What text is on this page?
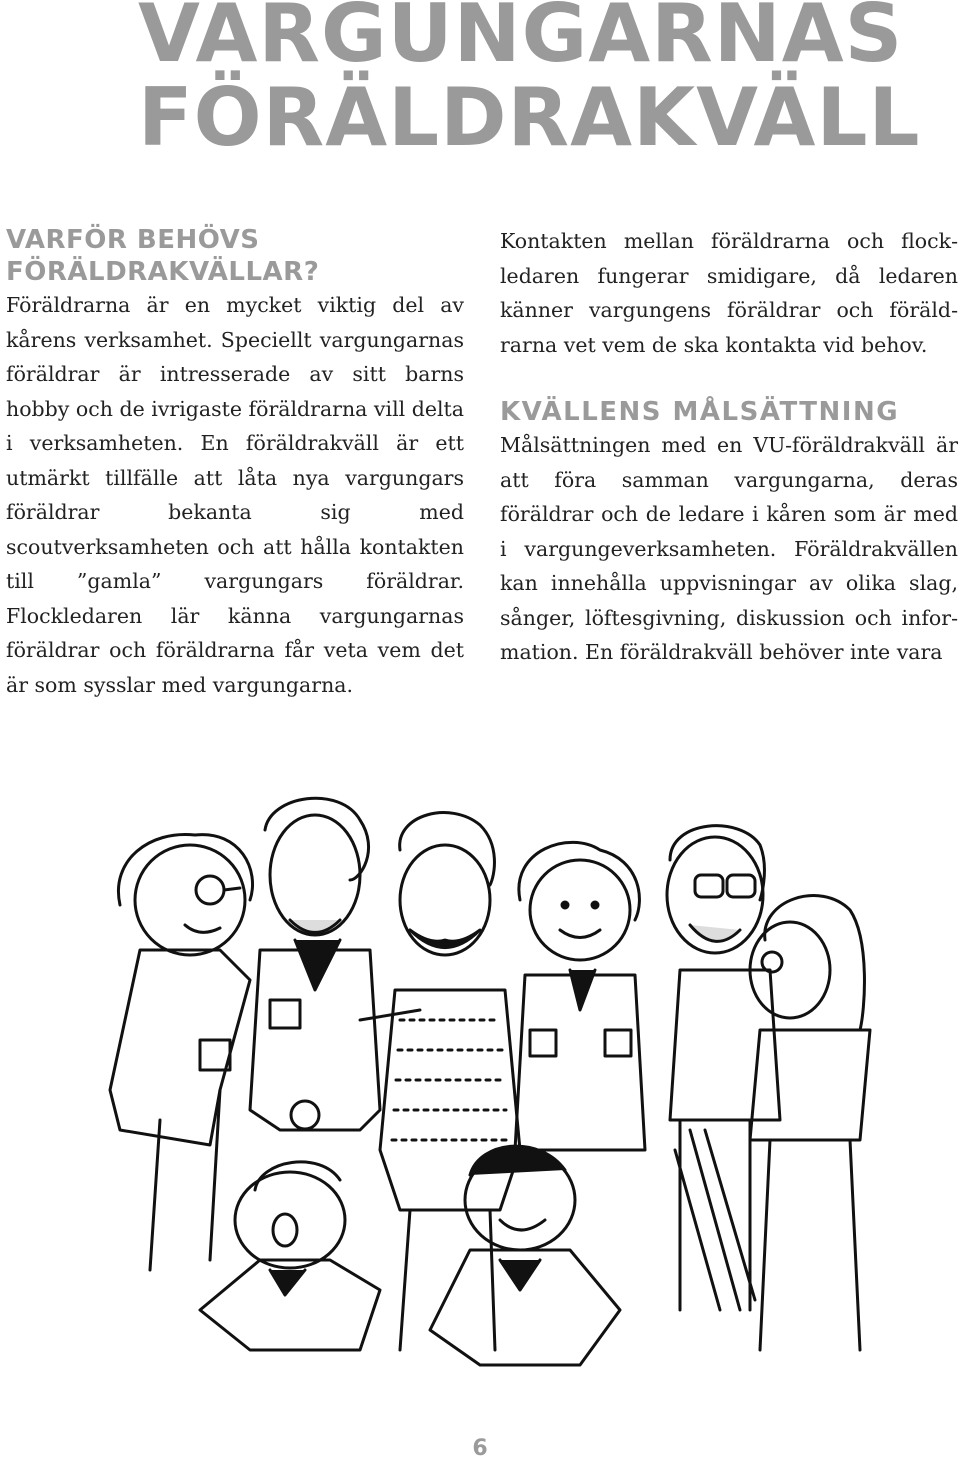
VARGUNGARNAS
FÖRÄLDRAKVÄLL
VARFÖR BEHÖVS
FÖRÄLDRAKVÄLLAR?

Föräldrarna är en mycket viktig del av kårens verksamhet. Speciellt vargungarnas föräldrar är intresserade av sitt barns hobby och de ivrigaste föräldrarna vill delta i verksamheten. En föräldrakväll är ett utmärkt tillfälle att låta nya vargungars föräldrar bekanta sig med scoutverksamheten och att hålla kontakten till ”gamla” vargungars föräldrar. Flockledaren lär känna vargungarnas föräldrar och föräldrarna får veta vem det är som sysslar med vargungarna.

Kontakten mellan föräldrarna och flockledaren fungerar smidigare, då ledaren känner vargungens föräldrar och föräldrarna vet vem de ska kontakta vid behov.

KVÄLLENS MÅLSÄTTNING

Målsättningen med en VU-föräldrakväll är att föra samman vargungarna, deras föräldrar och de ledare i kåren som är med i vargungeverksamheten. Föräldrakvällen kan innehålla uppvisningar av olika slag, sånger, löftesgivning, diskussion och information. En föräldrakväll behöver inte vara

6
